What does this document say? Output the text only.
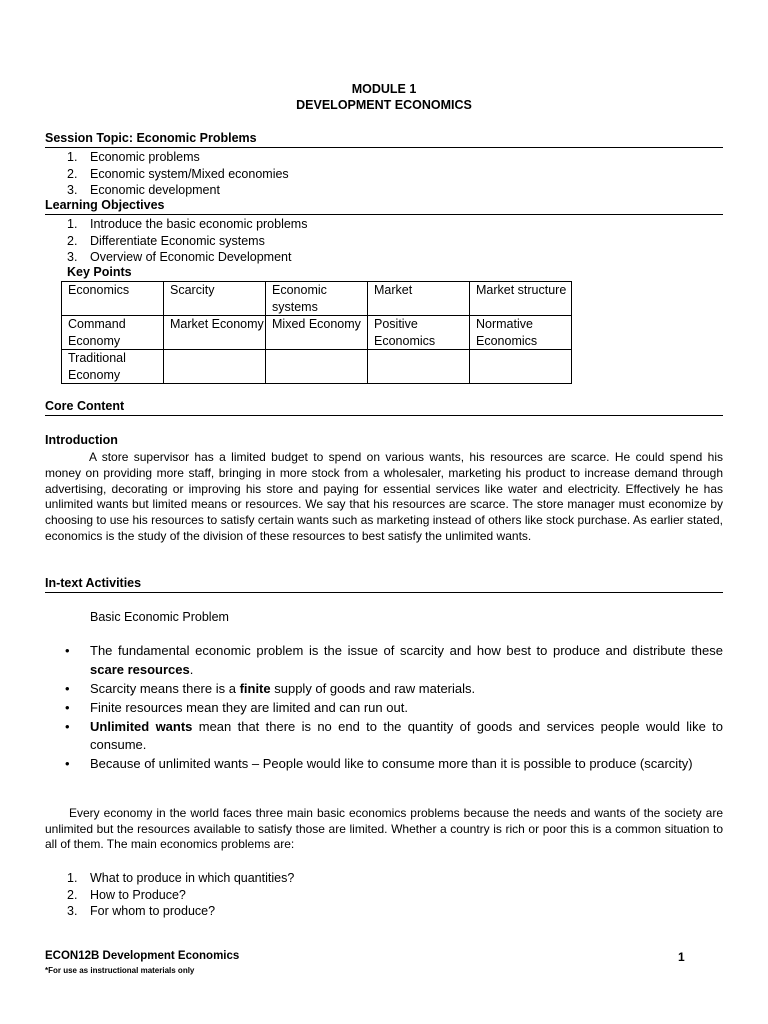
MODULE 1
DEVELOPMENT ECONOMICS
Session Topic: Economic Problems
1. Economic problems
2. Economic system/Mixed economies
3. Economic development
Learning Objectives
1. Introduce the basic economic problems
2. Differentiate Economic systems
3. Overview of Economic Development
Key Points
Economics	Scarcity	Economic systems	Market	Market structure
Command Economy	Market Economy	Mixed Economy	Positive Economics	Normative Economics
Traditional Economy				
Core Content
Introduction
A store supervisor has a limited budget to spend on various wants, his resources are scarce. He could spend his money on providing more staff, bringing in more stock from a wholesaler, marketing his product to increase demand through advertising, decorating or improving his store and paying for essential services like water and electricity. Effectively he has unlimited wants but limited means or resources. We say that his resources are scarce. The store manager must economize by choosing to use his resources to satisfy certain wants such as marketing instead of others like stock purchase. As earlier stated, economics is the study of the division of these resources to best satisfy the unlimited wants.
In-text Activities
Basic Economic Problem
• The fundamental economic problem is the issue of scarcity and how best to produce and distribute these scare resources.
• Scarcity means there is a finite supply of goods and raw materials.
• Finite resources mean they are limited and can run out.
• Unlimited wants mean that there is no end to the quantity of goods and services people would like to consume.
• Because of unlimited wants – People would like to consume more than it is possible to produce (scarcity)
Every economy in the world faces three main basic economics problems because the needs and wants of the society are unlimited but the resources available to satisfy those are limited. Whether a country is rich or poor this is a common situation to all of them. The main economics problems are:
1. What to produce in which quantities?
2. How to Produce?
3. For whom to produce?
ECON12B Development Economics
*For use as instructional materials only
1
